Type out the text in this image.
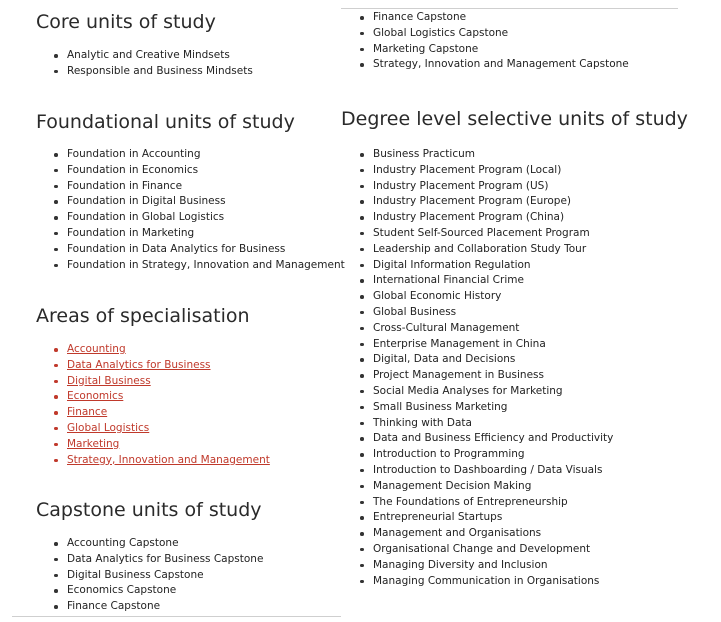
Core units of study
Analytic and Creative Mindsets
Responsible and Business Mindsets
Foundational units of study
Foundation in Accounting
Foundation in Economics
Foundation in Finance
Foundation in Digital Business
Foundation in Global Logistics
Foundation in Marketing
Foundation in Data Analytics for Business
Foundation in Strategy, Innovation and Management
Areas of specialisation
Accounting
Data Analytics for Business
Digital Business
Economics
Finance
Global Logistics
Marketing
Strategy, Innovation and Management
Capstone units of study
Accounting Capstone
Data Analytics for Business Capstone
Digital Business Capstone
Economics Capstone
Finance Capstone
Finance Capstone
Global Logistics Capstone
Marketing Capstone
Strategy, Innovation and Management Capstone
Degree level selective units of study
Business Practicum
Industry Placement Program (Local)
Industry Placement Program (US)
Industry Placement Program (Europe)
Industry Placement Program (China)
Student Self-Sourced Placement Program
Leadership and Collaboration Study Tour
Digital Information Regulation
International Financial Crime
Global Economic History
Global Business
Cross-Cultural Management
Enterprise Management in China
Digital, Data and Decisions
Project Management in Business
Social Media Analyses for Marketing
Small Business Marketing
Thinking with Data
Data and Business Efficiency and Productivity
Introduction to Programming
Introduction to Dashboarding / Data Visuals
Management Decision Making
The Foundations of Entrepreneurship
Entrepreneurial Startups
Management and Organisations
Organisational Change and Development
Managing Diversity and Inclusion
Managing Communication in Organisations
